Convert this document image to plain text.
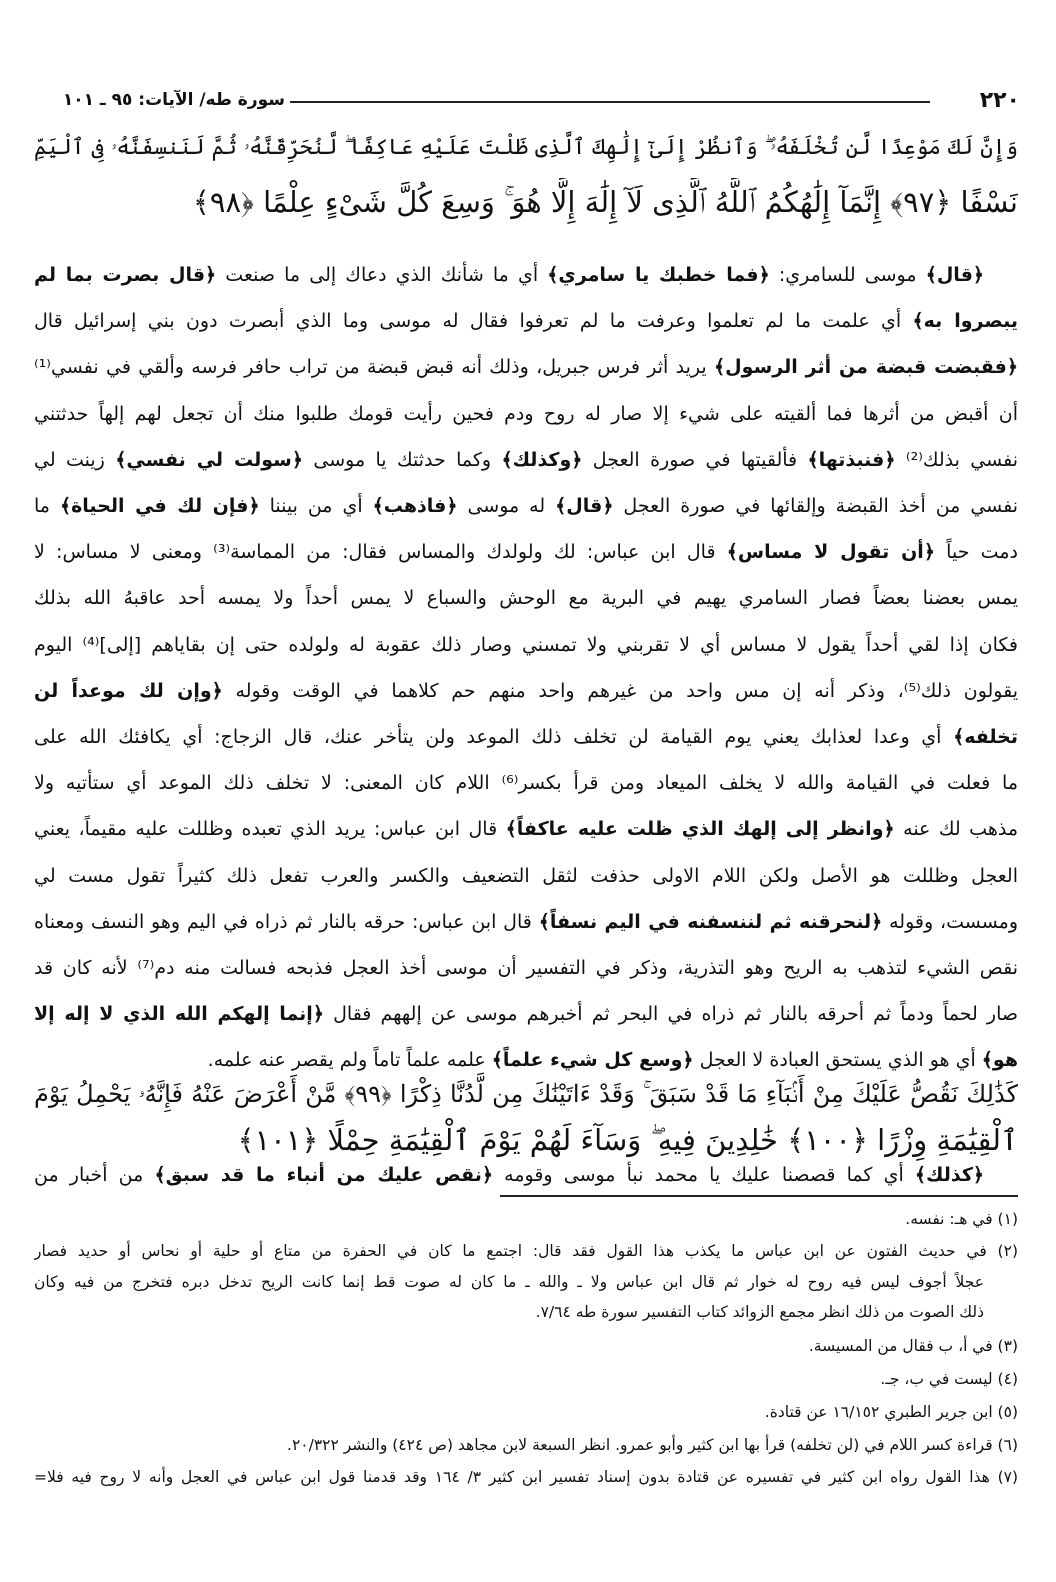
٢٢٠
سورة طه/ الآيات: ٩٥ ـ ١٠١
وَإِنَّ لَكَ مَوْعِدًا لَّن تُخْلَفَهُۥ ۖ وَٱنظُرْ إِلَىٰٓ إِلَٰهِكَ ٱلَّذِى ظَلْتَ عَلَيْهِ عَاكِفًا ۖ لَّنُحَرِّقَنَّهُۥ ثُمَّ لَنَنسِفَنَّهُۥ فِى ٱلْيَمِّ
نَسْفًا ﴿٩٧﴾ إِنَّمَآ إِلَٰهُكُمُ ٱللَّهُ ٱلَّذِى لَآ إِلَٰهَ إِلَّا هُوَ ۚ وَسِعَ كُلَّ شَىْءٍ عِلْمًا ﴿٩٨﴾
﴿قال﴾ موسى للسامري: ﴿فما خطبك يا سامري﴾ أي ما شأنك الذي دعاك إلى ما صنعت ﴿قال بصرت بما لم
يبصروا به﴾ أي علمت ما لم تعلموا وعرفت ما لم تعرفوا فقال له موسى وما الذي أبصرت دون بني إسرائيل قال
﴿فقبضت قبضة من أثر الرسول﴾ يريد أثر فرس جبريل، وذلك أنه قبض قبضة من تراب حافر فرسه وألقي في نفسي⁽¹⁾
أن أقبض من أثرها فما ألقيته على شيء إلا صار له روح ودم فحين رأيت قومك طلبوا منك أن تجعل لهم إلهاً حدثتني
نفسي بذلك⁽²⁾ ﴿فنبذتها﴾ فألقيتها في صورة العجل ﴿وكذلك﴾ وكما حدثتك يا موسى ﴿سولت لي نفسي﴾ زينت لي
نفسي من أخذ القبضة وإلقائها في صورة العجل ﴿قال﴾ له موسى ﴿فاذهب﴾ أي من بيننا ﴿فإن لك في الحياة﴾ ما
دمت حياً ﴿أن تقول لا مساس﴾ قال ابن عباس: لك ولولدك والمساس فقال: من المماسة⁽³⁾ ومعنى لا مساس: لا
يمس بعضنا بعضاً فصار السامري يهيم في البرية مع الوحش والسباع لا يمس أحداً ولا يمسه أحد عاقبهُ الله بذلك
فكان إذا لقي أحداً يقول لا مساس أي لا تقربني ولا تمسني وصار ذلك عقوبة له ولولده حتى إن بقاياهم [إلى]⁽⁴⁾ اليوم
يقولون ذلك⁽⁵⁾، وذكر أنه إن مس واحد من غيرهم واحد منهم حم كلاهما في الوقت وقوله ﴿وإن لك موعداً لن
تخلفه﴾ أي وعدا لعذابك يعني يوم القيامة لن تخلف ذلك الموعد ولن يتأخر عنك، قال الزجاج: أي يكافئك الله على
ما فعلت في القيامة والله لا يخلف الميعاد ومن قرأ بكسر⁽⁶⁾ اللام كان المعنى: لا تخلف ذلك الموعد أي ستأتيه ولا
مذهب لك عنه ﴿وانظر إلى إلهك الذي ظلت عليه عاكفاً﴾ قال ابن عباس: يريد الذي تعبده وظللت عليه مقيماً، يعني
العجل وظللت هو الأصل ولكن اللام الاولى حذفت لثقل التضعيف والكسر والعرب تفعل ذلك كثيراً تقول مست لي
ومسست، وقوله ﴿لنحرقنه ثم لننسفنه في اليم نسفاً﴾ قال ابن عباس: حرقه بالنار ثم ذراه في اليم وهو النسف ومعناه
نقص الشيء لتذهب به الريح وهو التذرية، وذكر في التفسير أن موسى أخذ العجل فذبحه فسالت منه دم⁽⁷⁾ لأنه كان قد
صار لحماً ودماً ثم أحرقه بالنار ثم ذراه في البحر ثم أخبرهم موسى عن إلههم فقال ﴿إنما إلهكم الله الذي لا إله إلا
هو﴾ أي هو الذي يستحق العبادة لا العجل ﴿وسع كل شيء علماً﴾ علمه علماً تاماً ولم يقصر عنه علمه.
كَذَٰلِكَ نَقُصُّ عَلَيْكَ مِنْ أَنۢبَآءِ مَا قَدْ سَبَقَ ۚ وَقَدْ ءَاتَيْنَٰكَ مِن لَّدُنَّا ذِكْرًا ﴿٩٩﴾ مَّنْ أَعْرَضَ عَنْهُ فَإِنَّهُۥ يَحْمِلُ يَوْمَ
ٱلْقِيَٰمَةِ وِزْرًا ﴿١٠٠﴾ خَٰلِدِينَ فِيهِ ۖ وَسَآءَ لَهُمْ يَوْمَ ٱلْقِيَٰمَةِ حِمْلًا ﴿١٠١﴾
﴿كذلك﴾ أي كما قصصنا عليك يا محمد نبأ موسى وقومه ﴿نقص عليك من أنباء ما قد سبق﴾ من أخبار من
(١) في هـ: نفسه.
(٢) في حديث الفتون عن ابن عباس ما يكذب هذا القول فقد قال: اجتمع ما كان في الحفرة من متاع أو حلية أو نحاس أو حديد فصار
عجلاً أجوف ليس فيه روح له خوار ثم قال ابن عباس ولا ـ والله ـ ما كان له صوت قط إنما كانت الريح تدخل دبره فتخرج من فيه وكان
ذلك الصوت من ذلك انظر مجمع الزوائد كتاب التفسير سورة طه ٧/٦٤.
(٣) في أ، ب فقال من المسيسة.
(٤) ليست في ب، جـ.
(٥) ابن جرير الطبري ١٦/١٥٢ عن قتادة.
(٦) قراءة كسر اللام في (لن تخلفه) قرأ بها ابن كثير وأبو عمرو. انظر السبعة لابن مجاهد (ص ٤٢٤) والنشر ٢٠/٣٢٢.
(٧) هذا القول رواه ابن كثير في تفسيره عن قتادة بدون إسناد تفسير ابن كثير ٣/ ١٦٤ وقد قدمنا قول ابن عباس في العجل وأنه لا روح فيه فلا=
